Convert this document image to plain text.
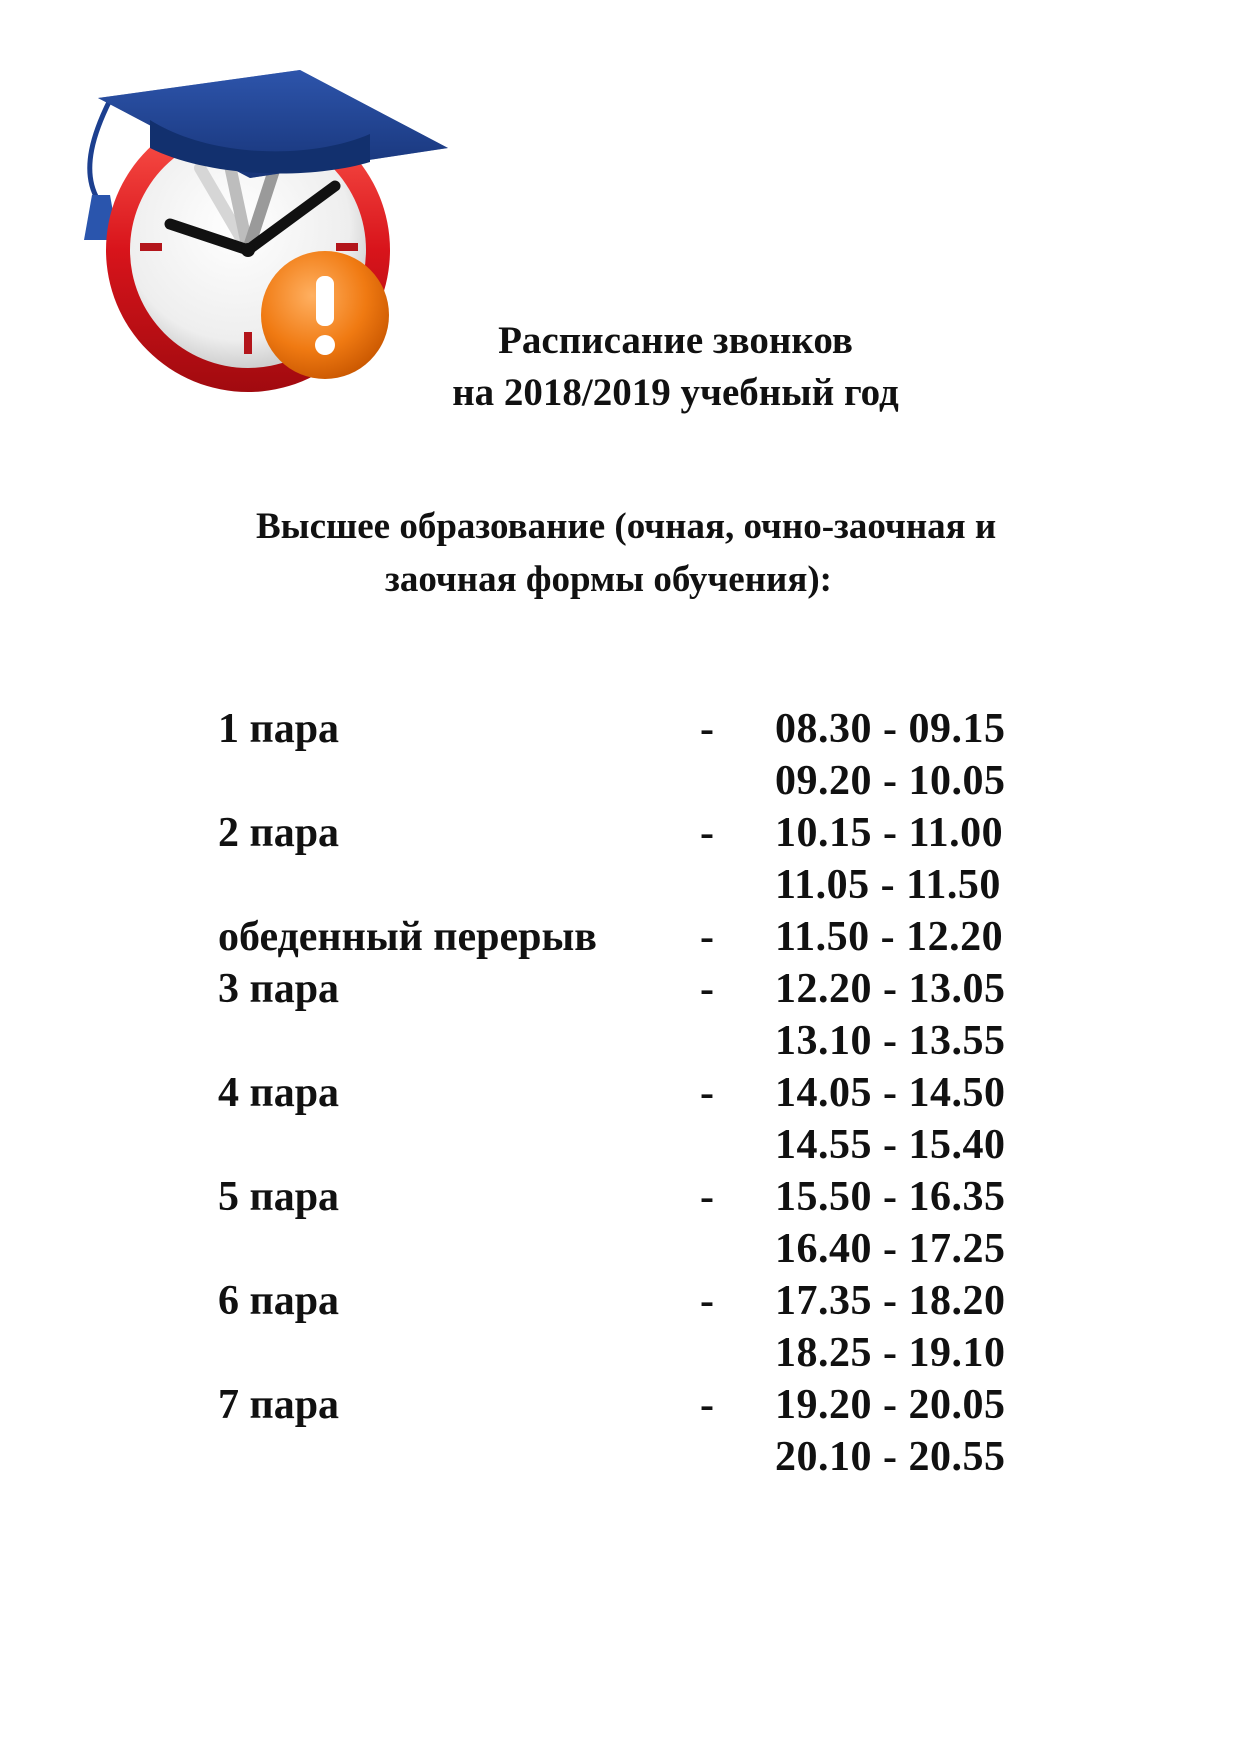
Расписание звонков
на 2018/2019 учебный год
Высшее образование (очная, очно-заочная и
заочная формы обучения):
1 пара	- 08.30 - 09.15
09.20 - 10.05
2 пара	- 10.15 - 11.00
11.05 - 11.50
обеденный перерыв - 11.50 - 12.20
3 пара	- 12.20 - 13.05
13.10 - 13.55
4 пара	- 14.05 - 14.50
14.55 - 15.40
5 пара	- 15.50 - 16.35
16.40 - 17.25
6 пара	- 17.35 - 18.20
18.25 - 19.10
7 пара	- 19.20 - 20.05
20.10 - 20.55
